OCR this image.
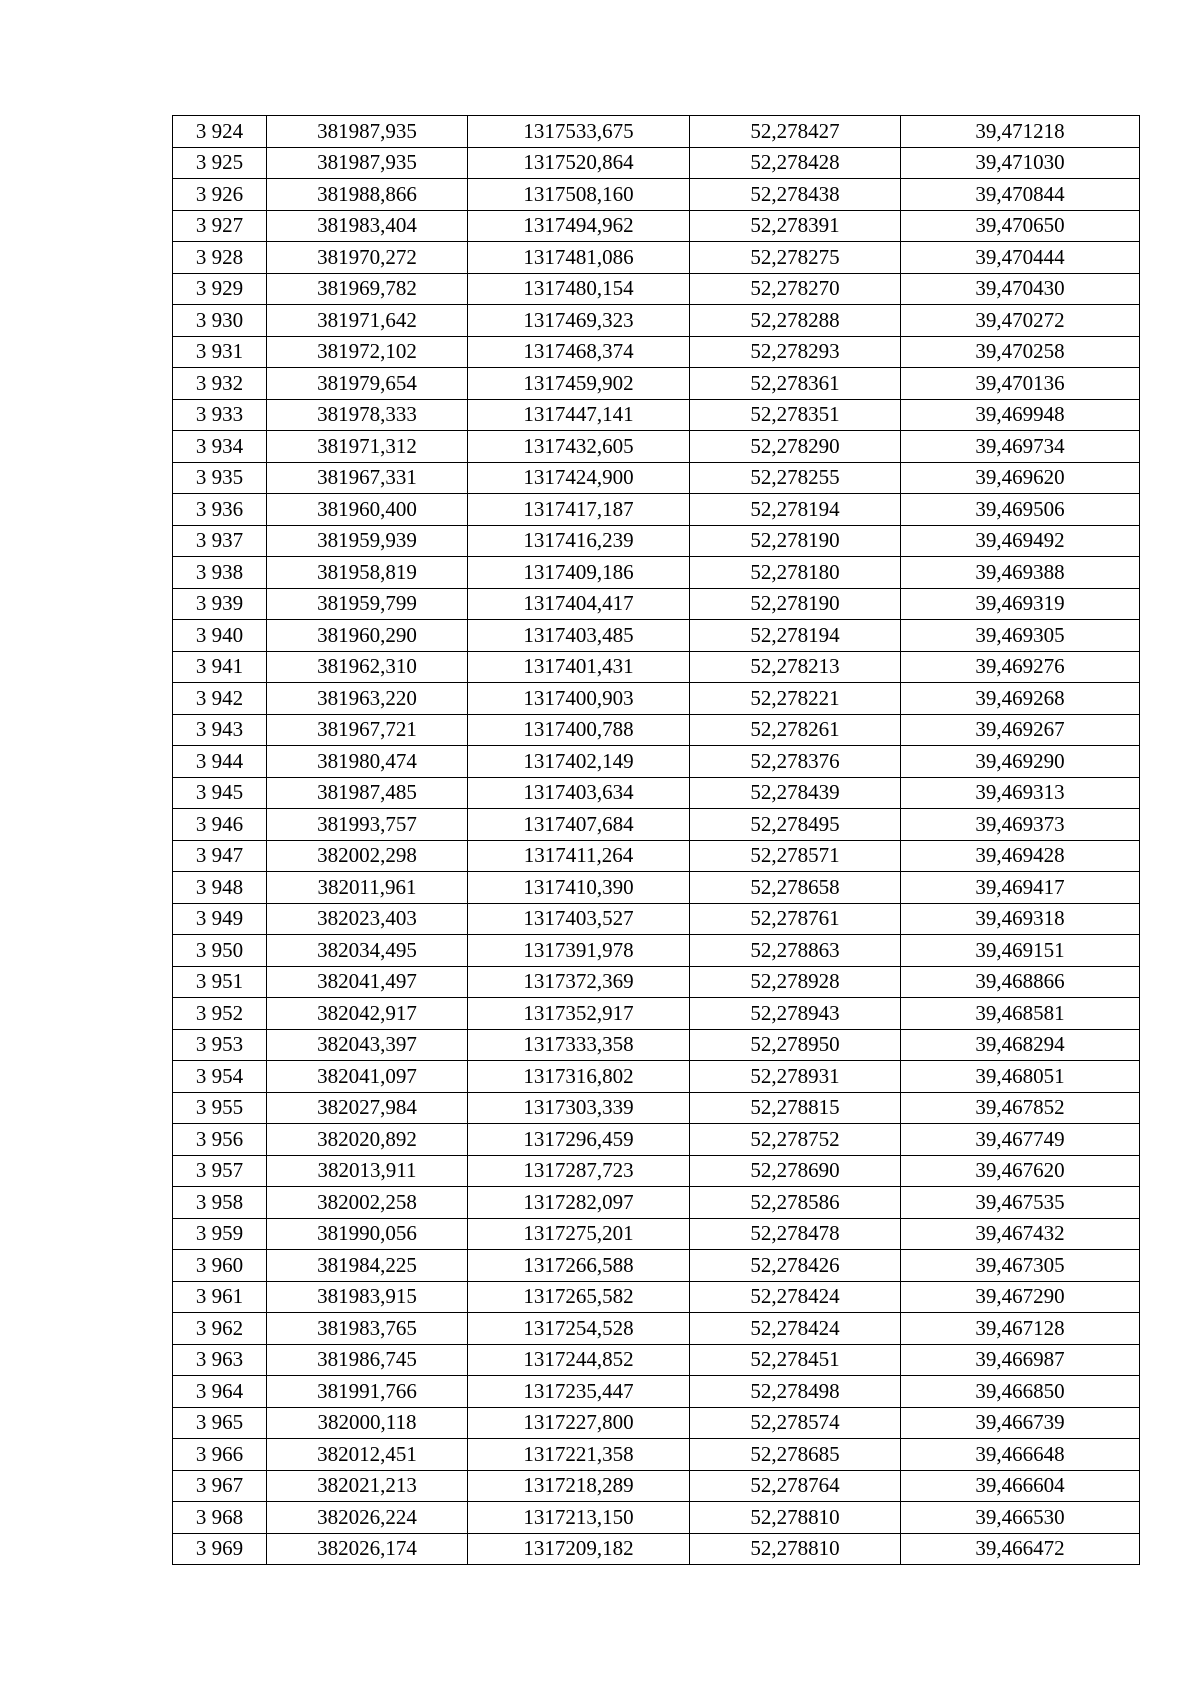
3 924	381987,935	1317533,675	52,278427	39,471218
3 925	381987,935	1317520,864	52,278428	39,471030
3 926	381988,866	1317508,160	52,278438	39,470844
3 927	381983,404	1317494,962	52,278391	39,470650
3 928	381970,272	1317481,086	52,278275	39,470444
3 929	381969,782	1317480,154	52,278270	39,470430
3 930	381971,642	1317469,323	52,278288	39,470272
3 931	381972,102	1317468,374	52,278293	39,470258
3 932	381979,654	1317459,902	52,278361	39,470136
3 933	381978,333	1317447,141	52,278351	39,469948
3 934	381971,312	1317432,605	52,278290	39,469734
3 935	381967,331	1317424,900	52,278255	39,469620
3 936	381960,400	1317417,187	52,278194	39,469506
3 937	381959,939	1317416,239	52,278190	39,469492
3 938	381958,819	1317409,186	52,278180	39,469388
3 939	381959,799	1317404,417	52,278190	39,469319
3 940	381960,290	1317403,485	52,278194	39,469305
3 941	381962,310	1317401,431	52,278213	39,469276
3 942	381963,220	1317400,903	52,278221	39,469268
3 943	381967,721	1317400,788	52,278261	39,469267
3 944	381980,474	1317402,149	52,278376	39,469290
3 945	381987,485	1317403,634	52,278439	39,469313
3 946	381993,757	1317407,684	52,278495	39,469373
3 947	382002,298	1317411,264	52,278571	39,469428
3 948	382011,961	1317410,390	52,278658	39,469417
3 949	382023,403	1317403,527	52,278761	39,469318
3 950	382034,495	1317391,978	52,278863	39,469151
3 951	382041,497	1317372,369	52,278928	39,468866
3 952	382042,917	1317352,917	52,278943	39,468581
3 953	382043,397	1317333,358	52,278950	39,468294
3 954	382041,097	1317316,802	52,278931	39,468051
3 955	382027,984	1317303,339	52,278815	39,467852
3 956	382020,892	1317296,459	52,278752	39,467749
3 957	382013,911	1317287,723	52,278690	39,467620
3 958	382002,258	1317282,097	52,278586	39,467535
3 959	381990,056	1317275,201	52,278478	39,467432
3 960	381984,225	1317266,588	52,278426	39,467305
3 961	381983,915	1317265,582	52,278424	39,467290
3 962	381983,765	1317254,528	52,278424	39,467128
3 963	381986,745	1317244,852	52,278451	39,466987
3 964	381991,766	1317235,447	52,278498	39,466850
3 965	382000,118	1317227,800	52,278574	39,466739
3 966	382012,451	1317221,358	52,278685	39,466648
3 967	382021,213	1317218,289	52,278764	39,466604
3 968	382026,224	1317213,150	52,278810	39,466530
3 969	382026,174	1317209,182	52,278810	39,466472
